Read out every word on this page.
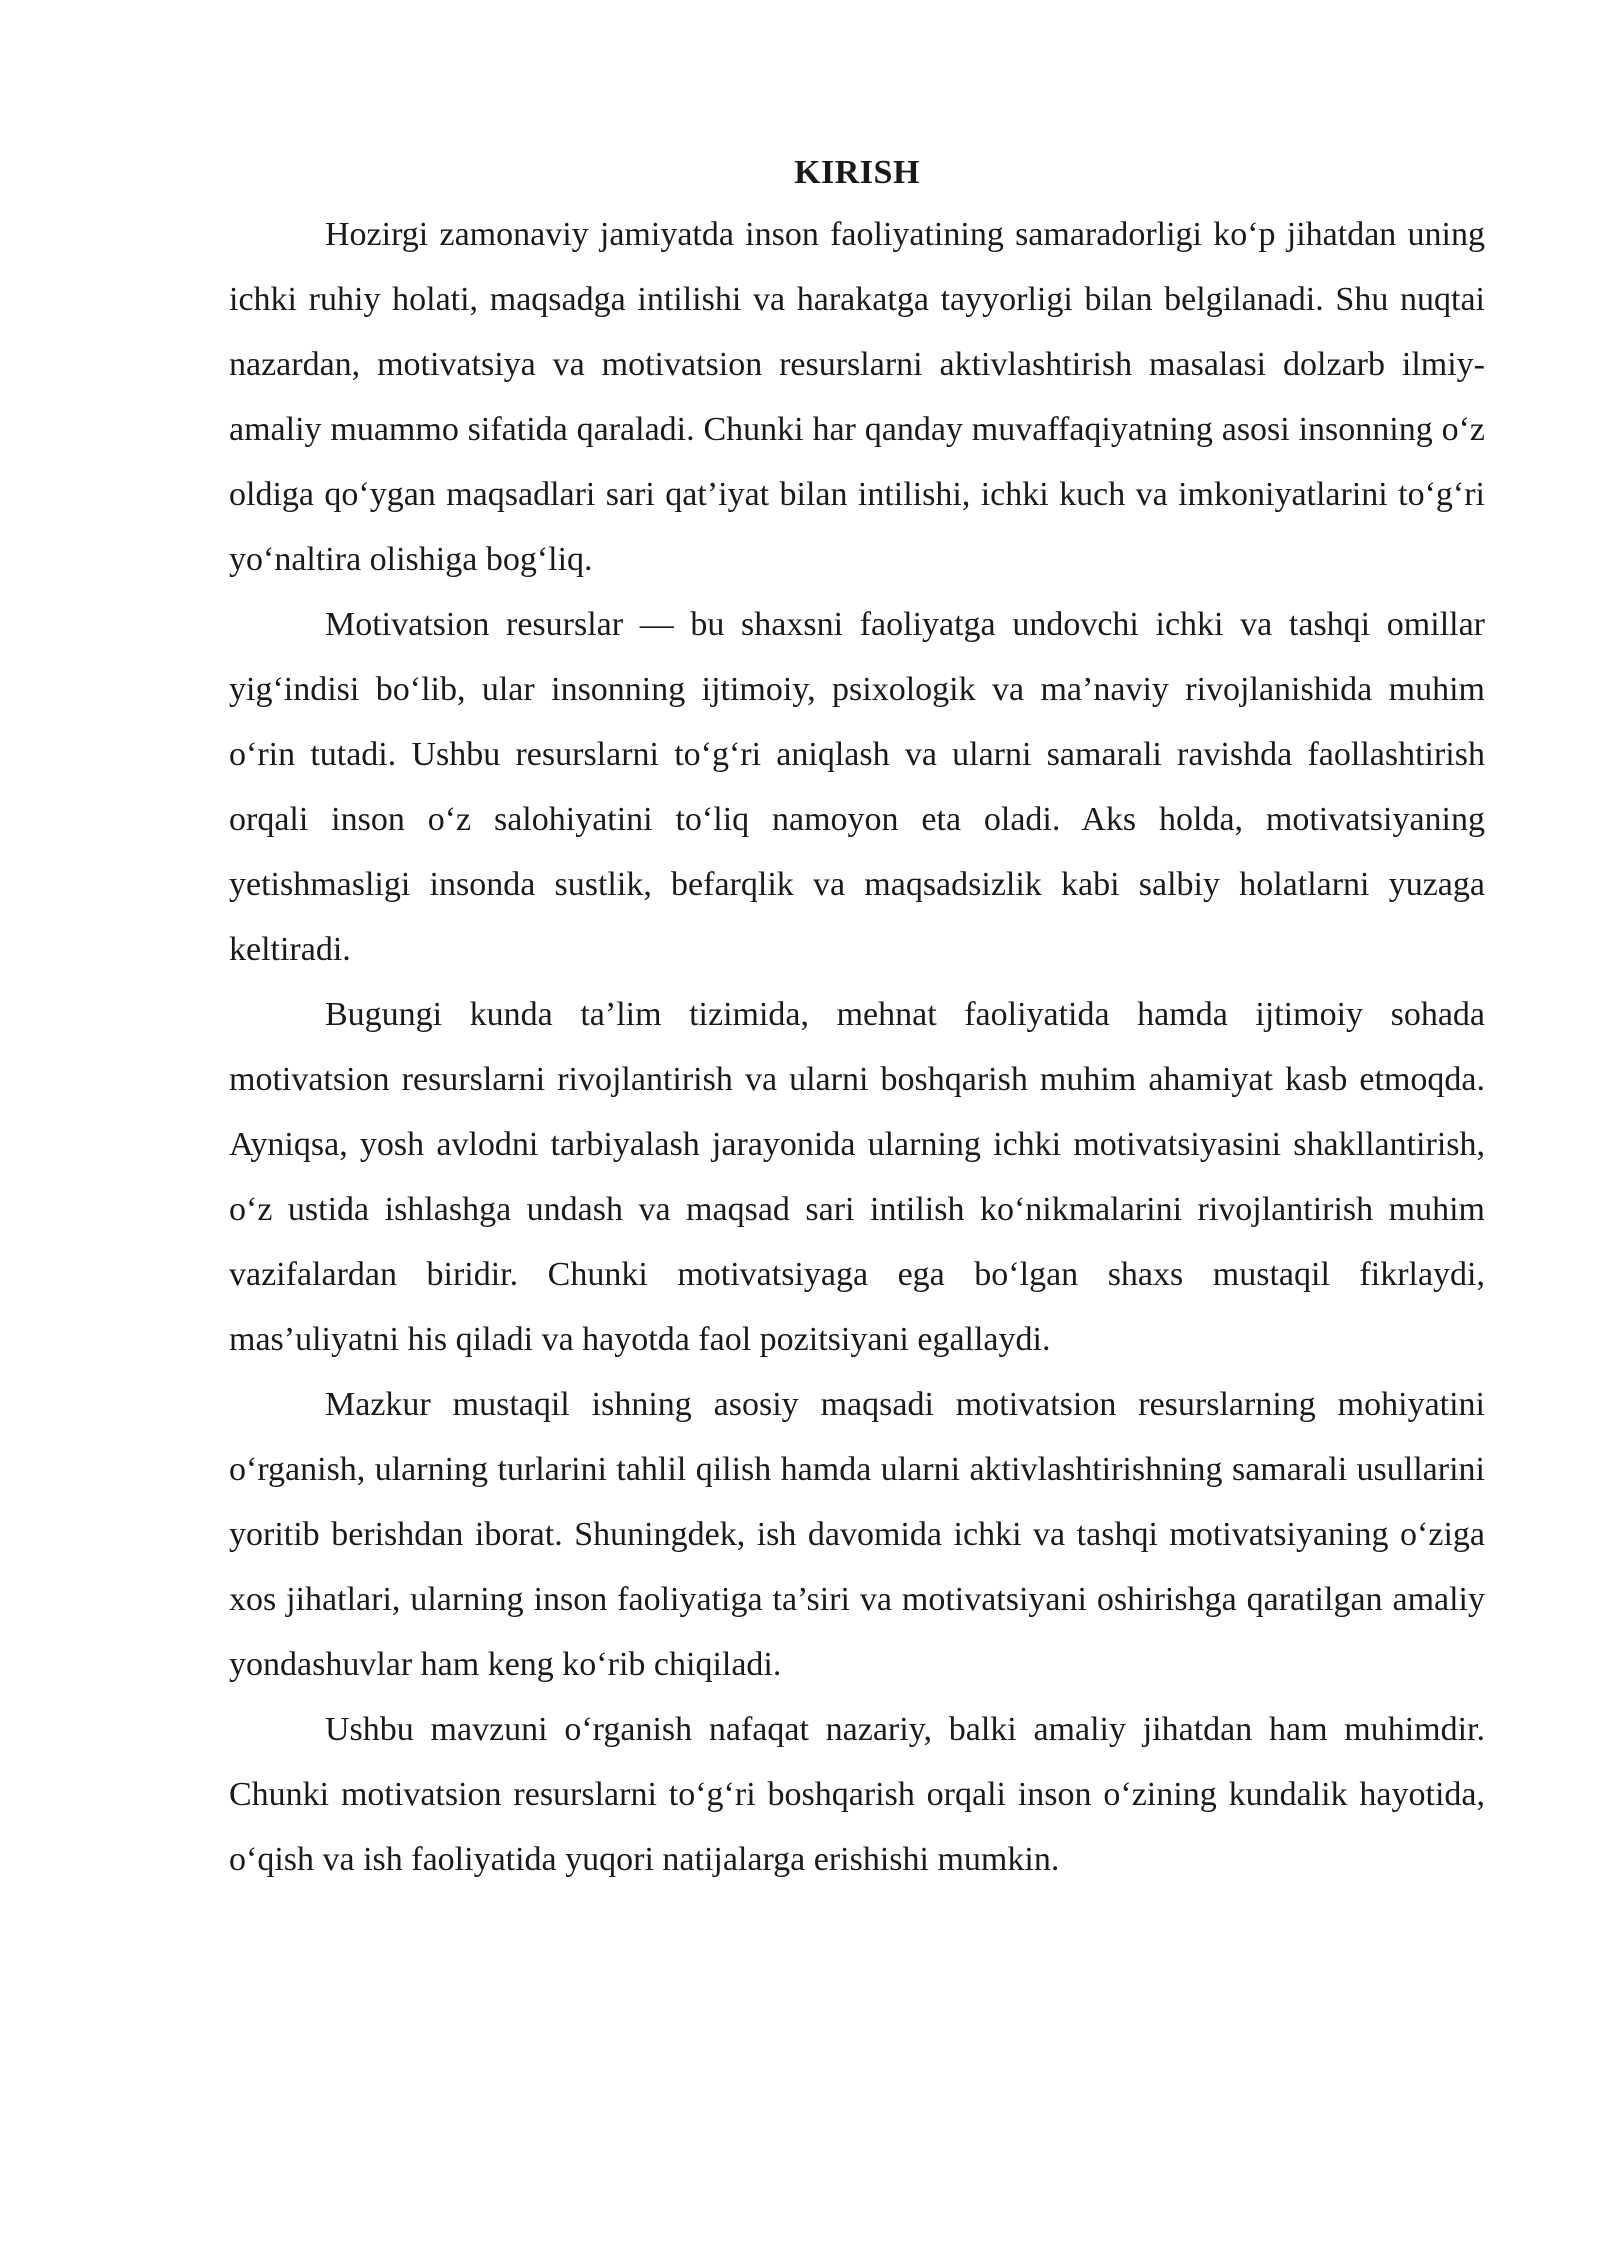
KIRISH

Hozirgi zamonaviy jamiyatda inson faoliyatining samaradorligi ko‘p jihatdan uning ichki ruhiy holati, maqsadga intilishi va harakatga tayyorligi bilan belgilanadi. Shu nuqtai nazardan, motivatsiya va motivatsion resurslarni aktivlashtirish masalasi dolzarb ilmiy-amaliy muammo sifatida qaraladi. Chunki har qanday muvaffaqiyatning asosi insonning o‘z oldiga qo‘ygan maqsadlari sari qat’iyat bilan intilishi, ichki kuch va imkoniyatlarini to‘g‘ri yo‘naltira olishiga bog‘liq.

Motivatsion resurslar — bu shaxsni faoliyatga undovchi ichki va tashqi omillar yig‘indisi bo‘lib, ular insonning ijtimoiy, psixologik va ma’naviy rivojlanishida muhim o‘rin tutadi. Ushbu resurslarni to‘g‘ri aniqlash va ularni samarali ravishda faollashtirish orqali inson o‘z salohiyatini to‘liq namoyon eta oladi. Aks holda, motivatsiyaning yetishmasligi insonda sustlik, befarqlik va maqsadsizlik kabi salbiy holatlarni yuzaga keltiradi.

Bugungi kunda ta’lim tizimida, mehnat faoliyatida hamda ijtimoiy sohada motivatsion resurslarni rivojlantirish va ularni boshqarish muhim ahamiyat kasb etmoqda. Ayniqsa, yosh avlodni tarbiyalash jarayonida ularning ichki motivatsiyasini shakllantirish, o‘z ustida ishlashga undash va maqsad sari intilish ko‘nikmalarini rivojlantirish muhim vazifalardan biridir. Chunki motivatsiyaga ega bo‘lgan shaxs mustaqil fikrlaydi, mas’uliyatni his qiladi va hayotda faol pozitsiyani egallaydi.

Mazkur mustaqil ishning asosiy maqsadi motivatsion resurslarning mohiyatini o‘rganish, ularning turlarini tahlil qilish hamda ularni aktivlashtirishning samarali usullarini yoritib berishdan iborat. Shuningdek, ish davomida ichki va tashqi motivatsiyaning o‘ziga xos jihatlari, ularning inson faoliyatiga ta’siri va motivatsiyani oshirishga qaratilgan amaliy yondashuvlar ham keng ko‘rib chiqiladi.

Ushbu mavzuni o‘rganish nafaqat nazariy, balki amaliy jihatdan ham muhimdir. Chunki motivatsion resurslarni to‘g‘ri boshqarish orqali inson o‘zining kundalik hayotida, o‘qish va ish faoliyatida yuqori natijalarga erishishi mumkin.
